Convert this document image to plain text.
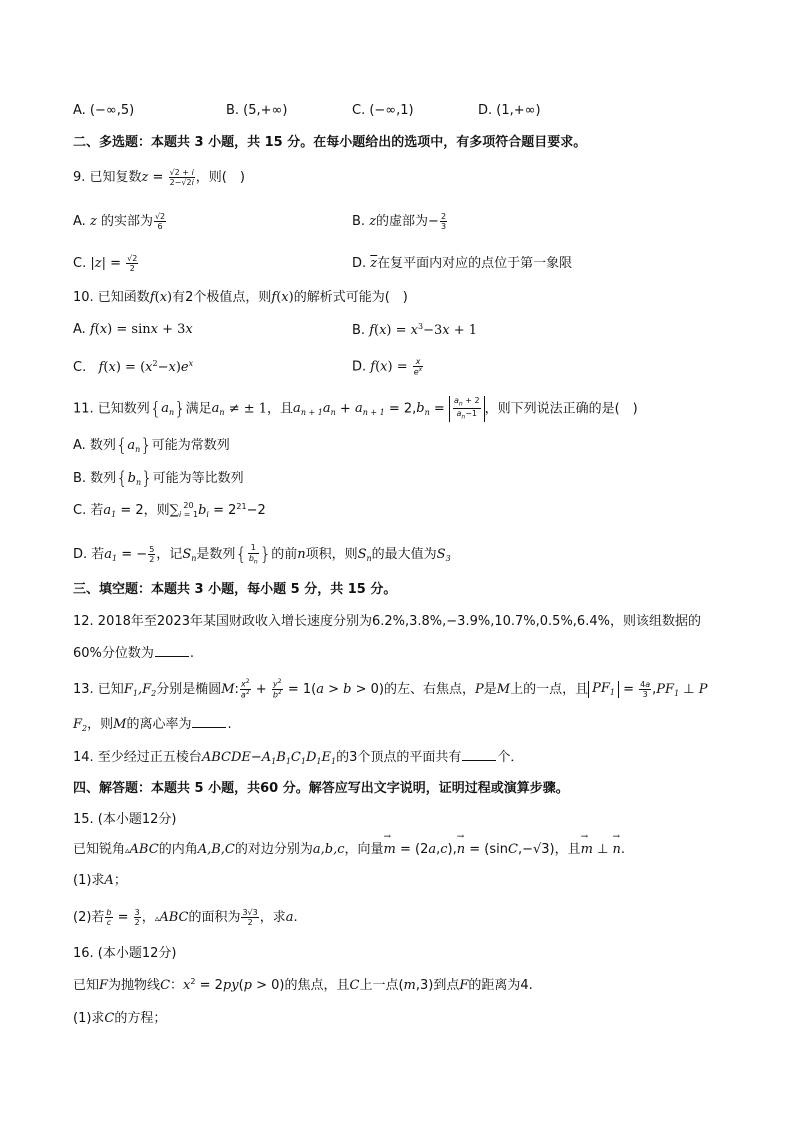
A. (−∞,5)	B. (5,+∞)	C. (−∞,1)	D. (1,+∞)
二、多选题：本题共 3 小题，共 15 分。在每小题给出的选项中，有多项符合题目要求。
9. 已知复数$z = \frac{√2 + i}{2-√2i}$ ，则(　)
A. z 的实部为 $\frac{√2}{6}$	B. z的虚部为− $\frac{2}{3}$
C. $|z| = \frac{√2}{2}$	D. $\overline{z}$在复平面内对应的点位于第一象限
10. 已知函数f(x)有2个极值点，则f(x)的解析式可能为(　)
A. f(x) = sinx + 3x	B. $f(x) = x^3-3x + 1$
C.   $f(x) = (x^2-x)e^x$	D. $f(x) = \frac{x}{e^x}$
11. 已知数列$\{a_n\}$满足$a_n$ ≠ ± 1，且$a_{n + 1}a_n + a_{n + 1} = 2,b_n = \frac{a_n + 2}{a_n-1}$ ，则下列说法正确的是(　)
A. 数列$\{a_n\}$可能为常数列
B. 数列$\{b_n\}$可能为等比数列
C. 若$a_1 = 2$，则∑ 20
i = 1 $b_i = 2^{21}-2$
D. 若$a_1$ = − $\frac{5}{2}$ ，记$S_n$是数列{ $\frac{1}{b_n}$ }的前n项积，则$S_n$的最大值为$S_3$
三、填空题：本题共 3 小题，每小题 5 分，共 15 分。
12. 2018年至2023年某国财政收入增长速度分别为6.2%,3.8%,−3.9%,10.7%,0.5%,6.4%，则该组数据的
60%分位数为	.
13. 已知$F_1,F_2$分别是椭圆M: $\frac{x^2}{a^2} + \frac{y^2}{b^2} = 1(a > b > 0)$的左、右焦点，P是M上的一点，且 $PF_1 = \frac{4a}{3} ,PF_1$ ⊥ P
$F_2$，则M的离心率为	.
14. 至少经过正五棱台$ABCDE-A_1B_1C_1D_1E_1$的3个顶点的平面共有	个．
四、解答题：本题共 5 小题，共60 分。解答应写出文字说明，证明过程或演算步骤。
15. (本小题12分)
已知锐角▵ABC的内角A,B,C的对边分别为a,b,c，向量→ m = (2a,c),→ n = (sinC,−√3)，且→ m ⊥ → n.
(1)求A；
(2)若 $\frac{b}{c} = \frac{3}{2}$ ，▵ABC的面积为 $\frac{3√3}{2}$ ，求a.
16. (本小题12分)
已知F为抛物线C：$x^2 = 2py(p > 0)$的焦点，且C上一点(m,3)到点F的距离为4.
(1)求C的方程；
